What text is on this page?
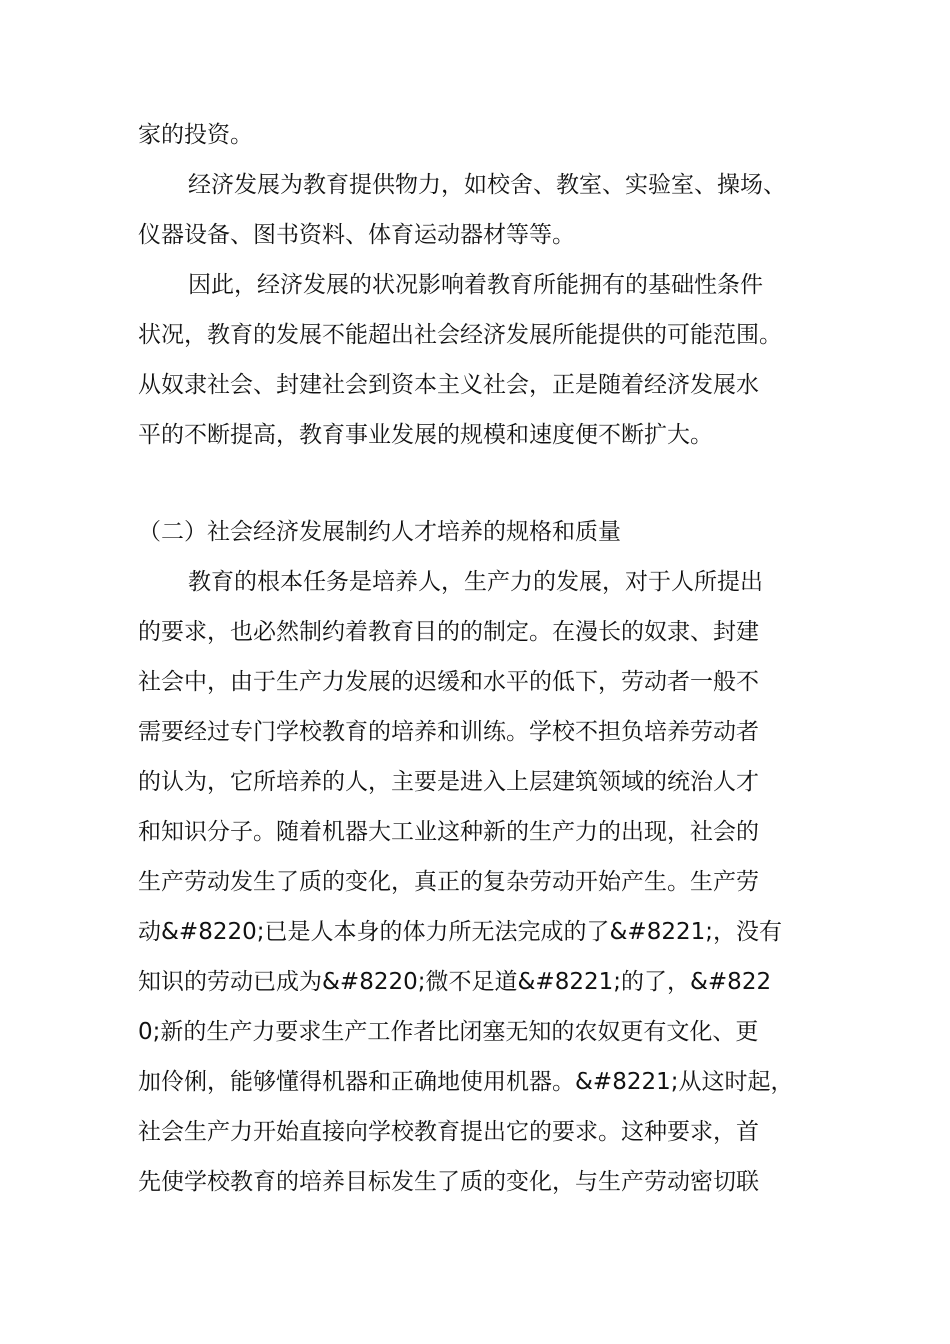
家的投资。
经济发展为教育提供物力，如校舍、教室、实验室、操场、
仪器设备、图书资料、体育运动器材等等。
因此，经济发展的状况影响着教育所能拥有的基础性条件
状况，教育的发展不能超出社会经济发展所能提供的可能范围。
从奴隶社会、封建社会到资本主义社会，正是随着经济发展水
平的不断提高，教育事业发展的规模和速度便不断扩大。
（二）社会经济发展制约人才培养的规格和质量
教育的根本任务是培养人，生产力的发展，对于人所提出
的要求，也必然制约着教育目的的制定。在漫长的奴隶、封建
社会中，由于生产力发展的迟缓和水平的低下，劳动者一般不
需要经过专门学校教育的培养和训练。学校不担负培养劳动者
的认为，它所培养的人，主要是进入上层建筑领域的统治人才
和知识分子。随着机器大工业这种新的生产力的出现，社会的
生产劳动发生了质的变化，真正的复杂劳动开始产生。生产劳
动&#8220;已是人本身的体力所无法完成的了&#8221;，没有
知识的劳动已成为&#8220;微不足道&#8221;的了，&#822
0;新的生产力要求生产工作者比闭塞无知的农奴更有文化、更
加伶俐，能够懂得机器和正确地使用机器。&#8221;从这时起，
社会生产力开始直接向学校教育提出它的要求。这种要求，首
先使学校教育的培养目标发生了质的变化，与生产劳动密切联
